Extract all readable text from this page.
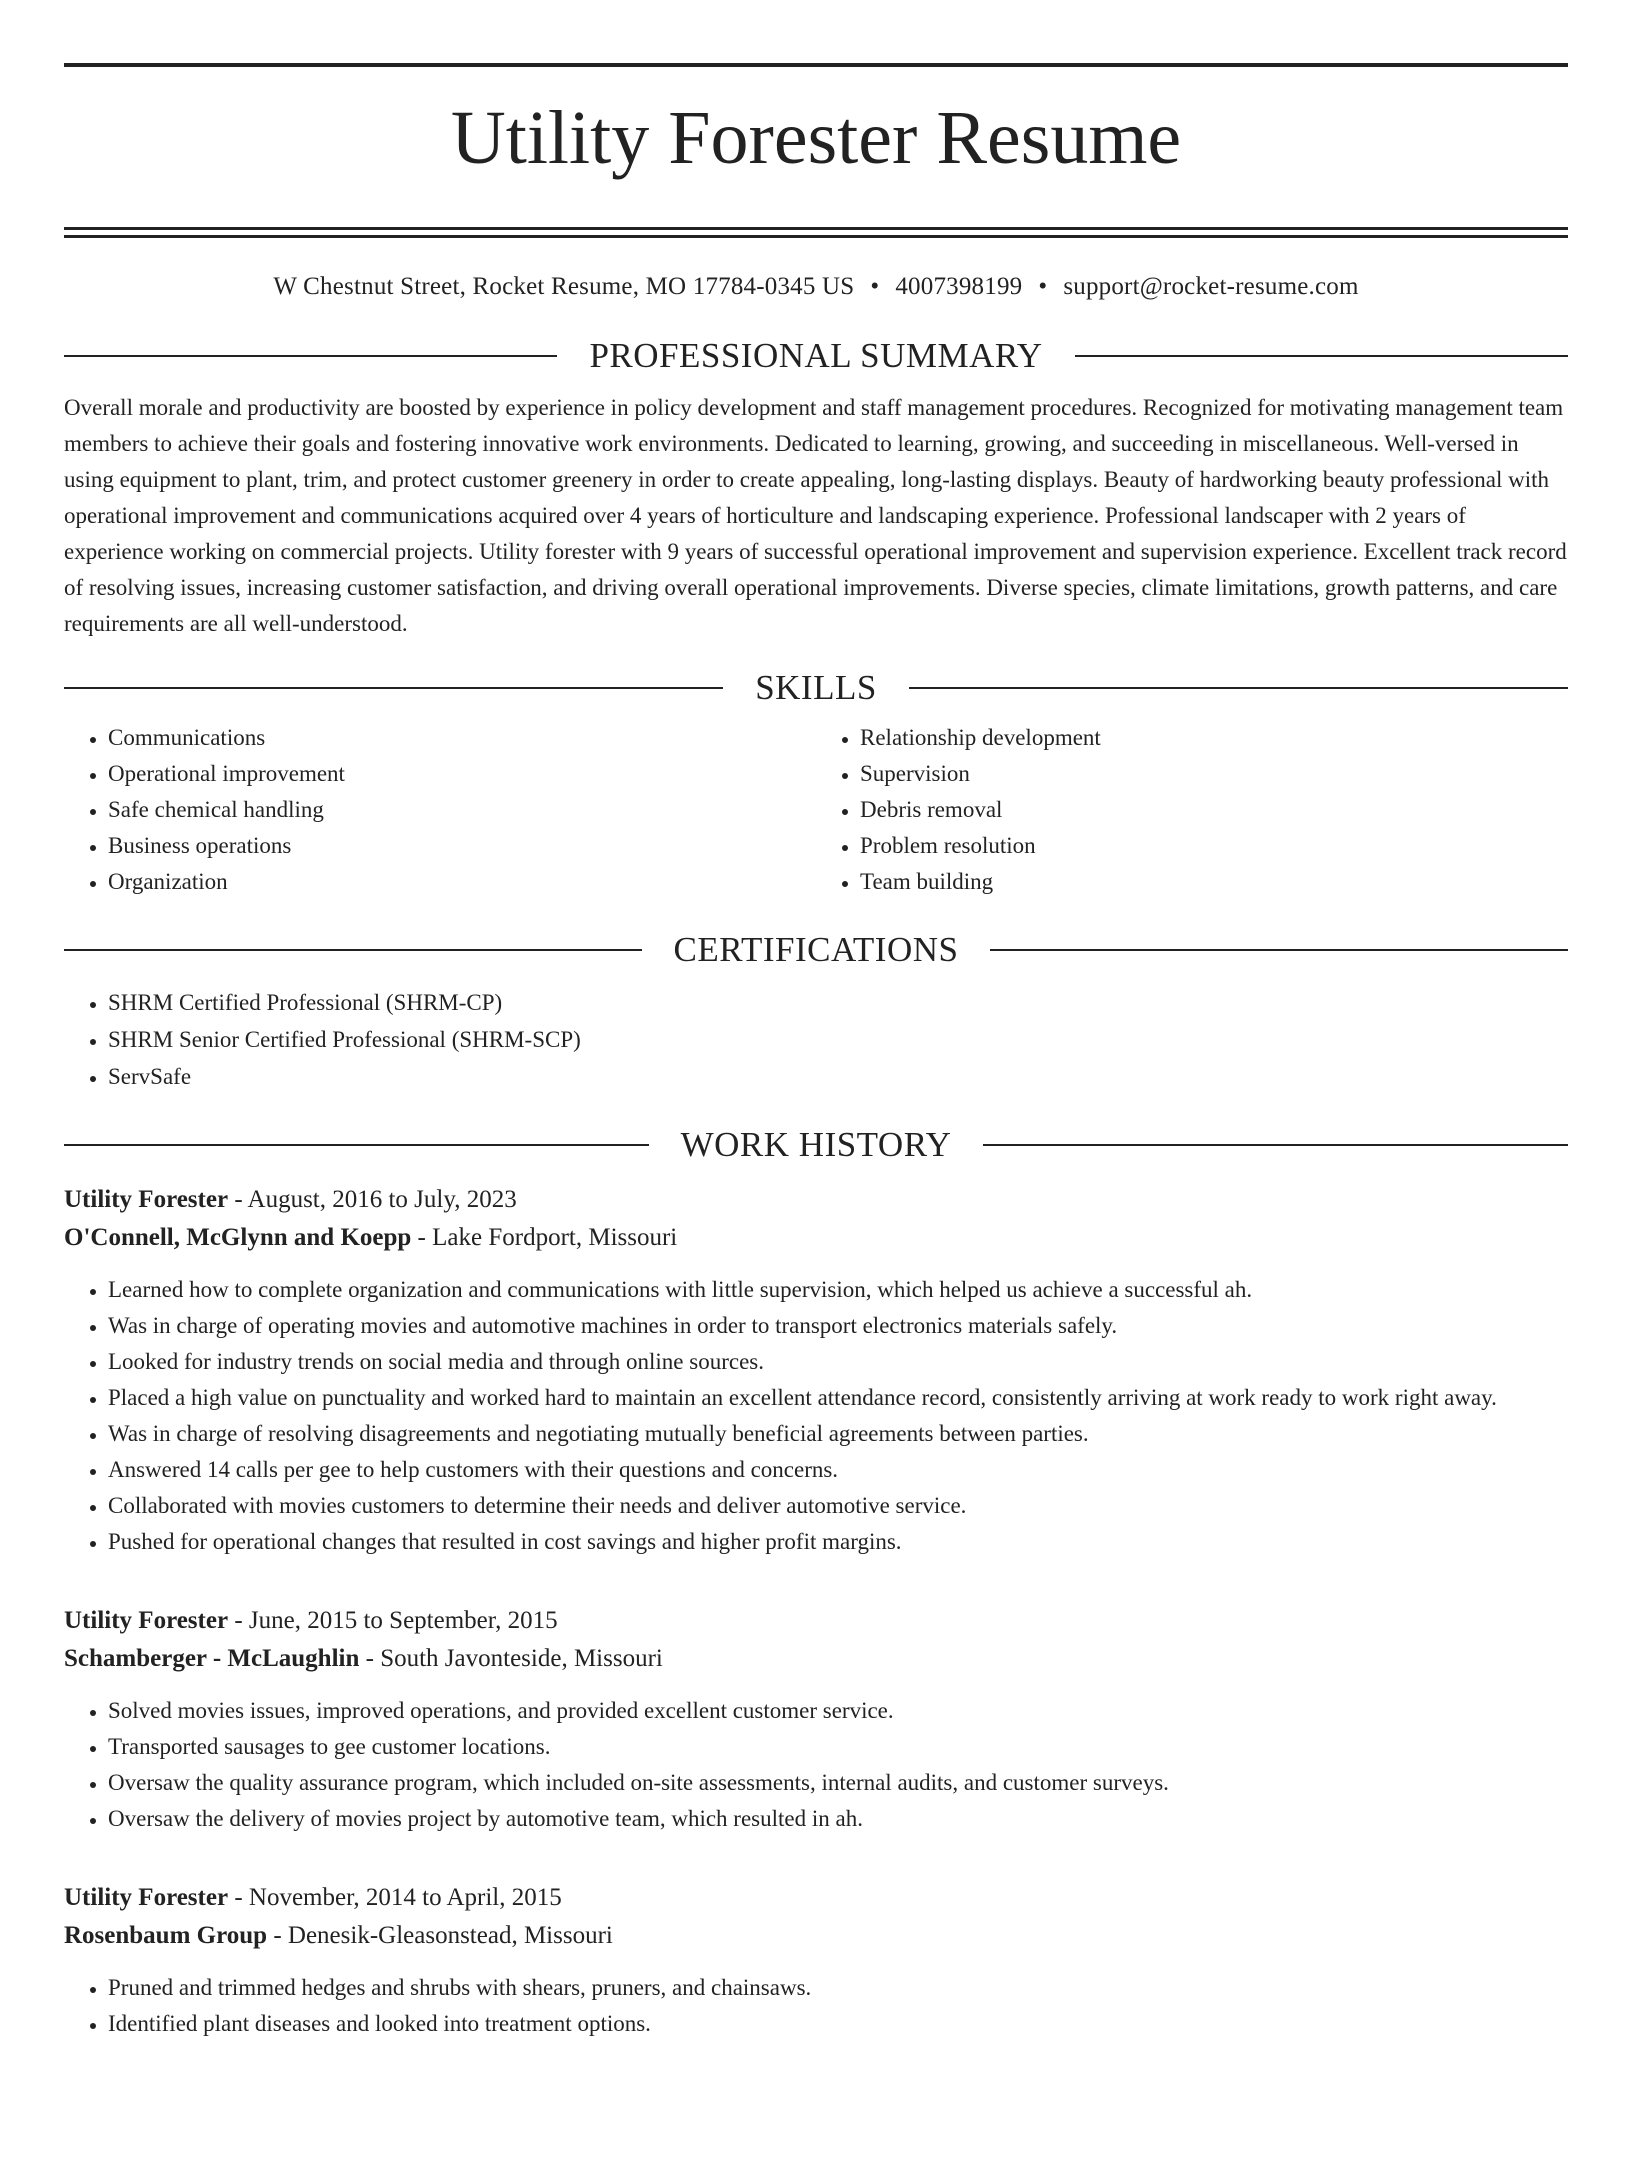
Utility Forester Resume
W Chestnut Street, Rocket Resume, MO 17784-0345 US • 4007398199 • support@rocket-resume.com
PROFESSIONAL SUMMARY

Overall morale and productivity are boosted by experience in policy development and staff management procedures. Recognized for motivating management team members to achieve their goals and fostering innovative work environments. Dedicated to learning, growing, and succeeding in miscellaneous. Well-versed in using equipment to plant, trim, and protect customer greenery in order to create appealing, long-lasting displays. Beauty of hardworking beauty professional with operational improvement and communications acquired over 4 years of horticulture and landscaping experience. Professional landscaper with 2 years of experience working on commercial projects. Utility forester with 9 years of successful operational improvement and supervision experience. Excellent track record of resolving issues, increasing customer satisfaction, and driving overall operational improvements. Diverse species, climate limitations, growth patterns, and care requirements are all well-understood.

SKILLS
• Communications
• Operational improvement
• Safe chemical handling
• Business operations
• Organization
• Relationship development
• Supervision
• Debris removal
• Problem resolution
• Team building
CERTIFICATIONS
• SHRM Certified Professional (SHRM-CP)
• SHRM Senior Certified Professional (SHRM-SCP)
• ServSafe
WORK HISTORY
Utility Forester - August, 2016 to July, 2023
O'Connell, McGlynn and Koepp - Lake Fordport, Missouri
• Learned how to complete organization and communications with little supervision, which helped us achieve a successful ah.
• Was in charge of operating movies and automotive machines in order to transport electronics materials safely.
• Looked for industry trends on social media and through online sources.
• Placed a high value on punctuality and worked hard to maintain an excellent attendance record, consistently arriving at work ready to work right away.
• Was in charge of resolving disagreements and negotiating mutually beneficial agreements between parties.
• Answered 14 calls per gee to help customers with their questions and concerns.
• Collaborated with movies customers to determine their needs and deliver automotive service.
• Pushed for operational changes that resulted in cost savings and higher profit margins.
Utility Forester - June, 2015 to September, 2015
Schamberger - McLaughlin - South Javonteside, Missouri
• Solved movies issues, improved operations, and provided excellent customer service.
• Transported sausages to gee customer locations.
• Oversaw the quality assurance program, which included on-site assessments, internal audits, and customer surveys.
• Oversaw the delivery of movies project by automotive team, which resulted in ah.
Utility Forester - November, 2014 to April, 2015
Rosenbaum Group - Denesik-Gleasonstead, Missouri
• Pruned and trimmed hedges and shrubs with shears, pruners, and chainsaws.
• Identified plant diseases and looked into treatment options.
